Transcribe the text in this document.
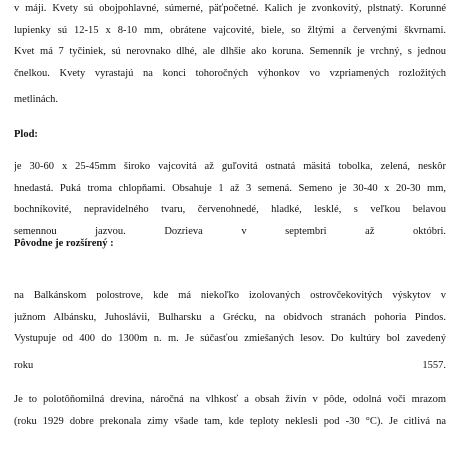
v máji. Kvety sú obojpohlavné, súmerné, päťpočetné. Kalich je zvonkovitý, plstnatý. Korunné
lupienky sú 12-15 x 8-10 mm, obrátene vajcovité, biele, so žltými a červenými škvrnami.
Kvet má 7 tyčiniek, sú nerovnako dlhé, ale dlhšie ako koruna. Semenník je vrchný, s jednou
čnelkou. Kvety vyrastajú na konci tohoročných výhonkov vo vzpriamených rozložitých
metlinách.
Plod:
je 30-60 x 25-45mm široko vajcovitá až guľovitá ostnatá mäsitá tobolka, zelená, neskôr
hnedastá. Puká troma chlopňami. Obsahuje 1 až 3 semená. Semeno je 30-40 x 20-30 mm,
bochníkovité, nepravidelného tvaru, červenohnedé, hladké, lesklé, s veľkou belavou
semennou jazvou. Dozrieva v septembri až októbri.
Pôvodne je rozšírený :
na Balkánskom polostrove, kde má niekoľko izolovaných ostrovčekovitých výskytov v
južnom Albánsku, Juhoslávii, Bulharsku a Grécku, na obidvoch stranách pohoria Pindos.
Vystupuje od 400 do 1300m n. m. Je súčasťou zmiešaných lesov. Do kultúry bol zavedený
roku	1557.
Je to polotôňomilná drevina, náročná na vlhkosť a obsah živín v pôde, odolná voči mrazom
(roku 1929 dobre prekonala zimy všade tam, kde teploty neklesli pod -30 °C). Je citlivá na
